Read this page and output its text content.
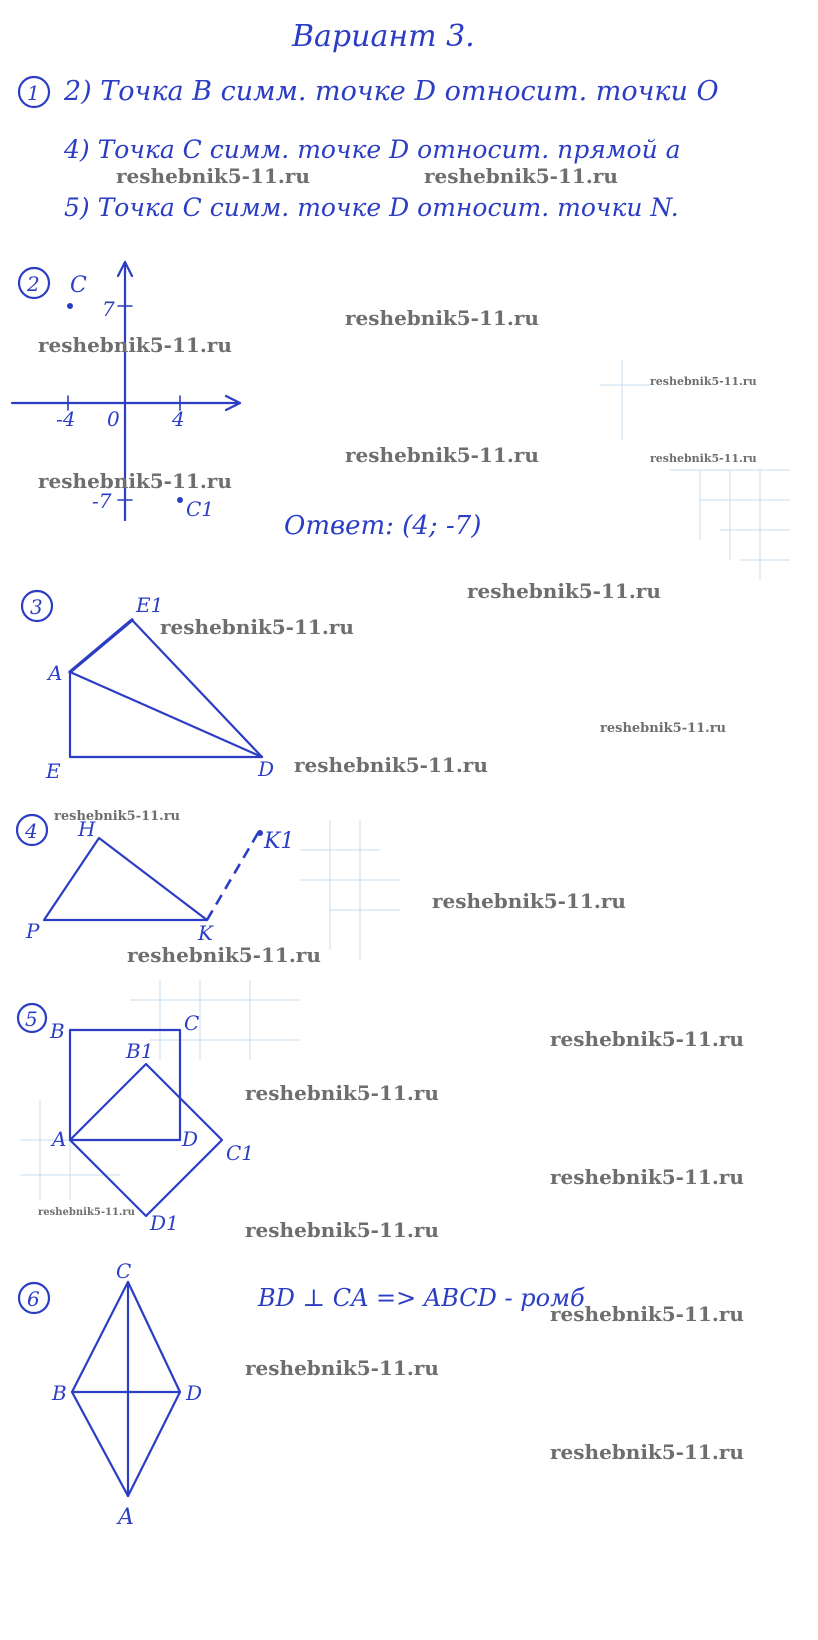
Вариант 3.
1 2) Точка B симм. точке D относит. точки O
4) Точка C симм. точке D относит. прямой a
5) Точка C симм. точке D относит. точки N.
2 C
C1
7
-7
-4	4
0
Ответ: (4; -7)
3
A
E1
E	D
4 H	K1
P	K
5 B	C
B1
A	D
C1
D1
6
C
B	D
A
BD ⊥ CA => ABCD - ромб
reshebnik5-11.ru	reshebnik5-11.ru
reshebnik5-11.ru
reshebnik5-11.ru
reshebnik5-11.ru
reshebnik5-11.ru	reshebnik5-11.ru
reshebnik5-11.ru
reshebnik5-11.ru
reshebnik5-11.ru
reshebnik5-11.ru
reshebnik5-11.ru
reshebnik5-11.ru
reshebnik5-11.ru
reshebnik5-11.ru
reshebnik5-11.ru
reshebnik5-11.ru
reshebnik5-11.ru
reshebnik5-11.ru
reshebnik5-11.ru
reshebnik5-11.ru
reshebnik5-11.ru
reshebnik5-11.ru
